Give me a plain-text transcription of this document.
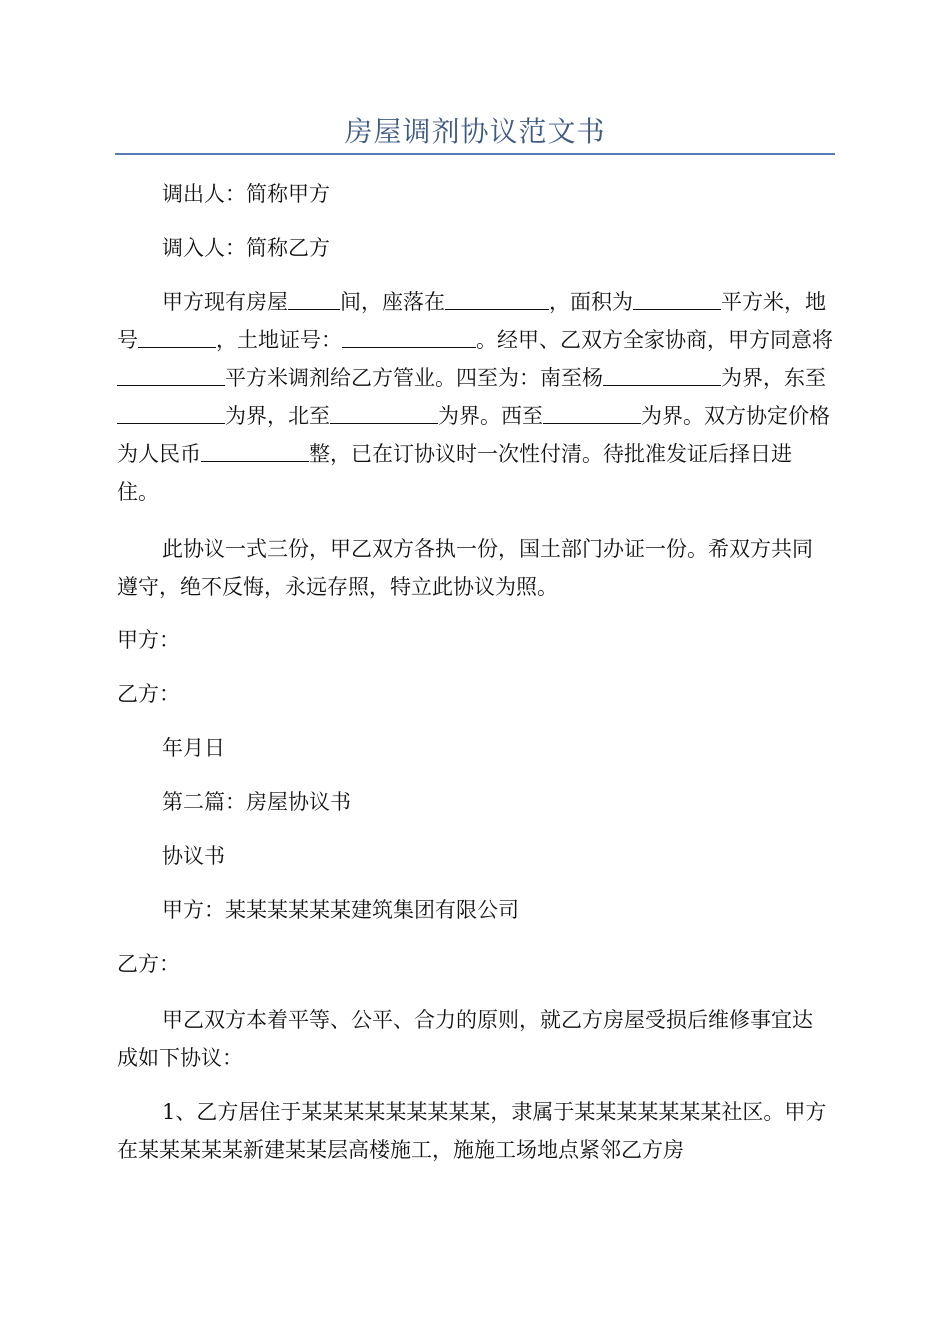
房屋调剂协议范文书

调出人：简称甲方

调入人：简称乙方

甲方现有房屋 间，座落在	，面积为	平方米，地号	，土地证号：	。经甲、乙双方全家协商，甲方同意将平方米调剂给乙方管业。四至为：南至杨	为界，东至为界，北至	为界。西至	为界。双方协定价格为人民币	整，已在订协议时一次性付清。待批准发证后择日进住。

此协议一式三份，甲乙双方各执一份，国土部门办证一份。希双方共同遵守，绝不反悔，永远存照，特立此协议为照。

甲方：

乙方：

年月日

第二篇：房屋协议书

协议书

甲方：某某某某某某建筑集团有限公司

乙方：

甲乙双方本着平等、公平、合力的原则，就乙方房屋受损后维修事宜达成如下协议：

1、乙方居住于某某某某某某某某某，隶属于某某某某某某某社区。甲方在某某某某某新建某某层高楼施工，施施工场地点紧邻乙方房
